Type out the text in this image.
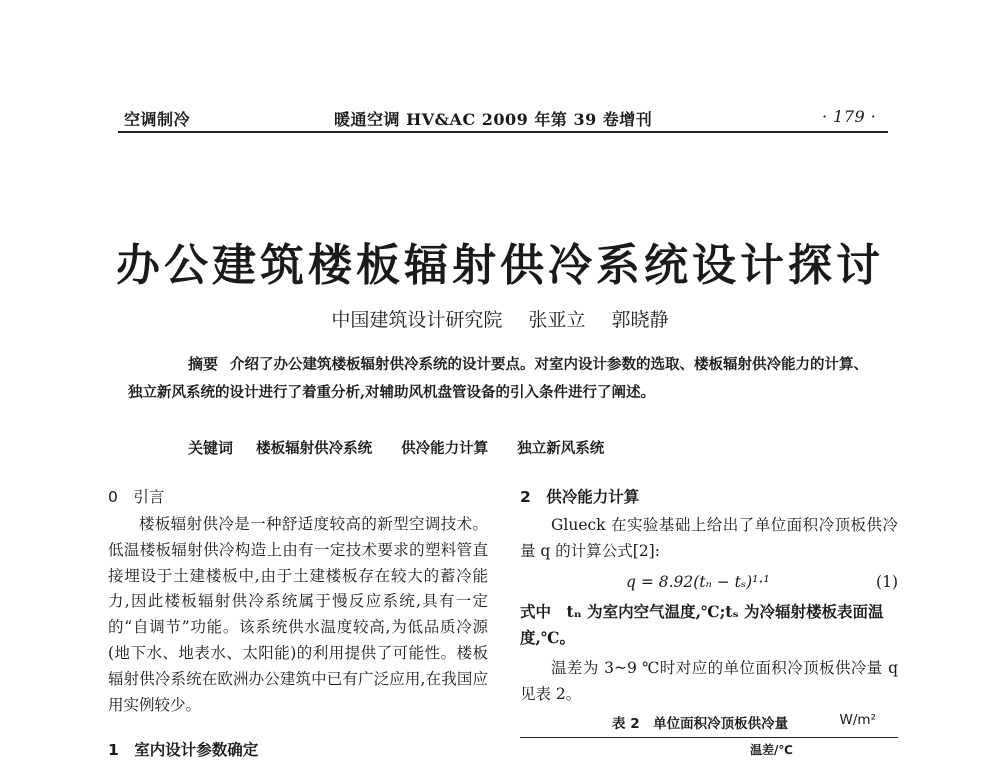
空调制冷	暖通空调 HV&AC 2009 年第 39 卷增刊	· 179 ·
办公建筑楼板辐射供冷系统设计探讨
中国建筑设计研究院 张亚立 郭晓静
摘要 介绍了办公建筑楼板辐射供冷系统的设计要点。对室内设计参数的选取、楼板辐射供冷能力的计算、独立新风系统的设计进行了着重分析,对辅助风机盘管设备的引入条件进行了阐述。
关键词 楼板辐射供冷系统 供冷能力计算 独立新风系统
0　引言
楼板辐射供冷是一种舒适度较高的新型空调技术。低温楼板辐射供冷构造上由有一定技术要求的塑料管直接埋设于土建楼板中,由于土建楼板存在较大的蓄冷能力,因此楼板辐射供冷系统属于慢反应系统,具有一定的“自调节”功能。该系统供水温度较高,为低品质冷源(地下水、地表水、太阳能)的利用提供了可能性。楼板辐射供冷系统在欧洲办公建筑中已有广泛应用,在我国应用实例较少。
1　室内设计参数确定
2　供冷能力计算
Glueck 在实验基础上给出了单位面积冷顶板供冷量 q 的计算公式[2]:
q = 8.92(tₙ − tₛ)¹·¹	(1)
式中　tₙ 为室内空气温度,℃;tₛ 为冷辐射楼板表面温度,℃。
温差为 3~9 ℃时对应的单位面积冷顶板供冷量 q 见表 2。
表 2　单位面积冷顶板供冷量	W/m²
温差/℃
